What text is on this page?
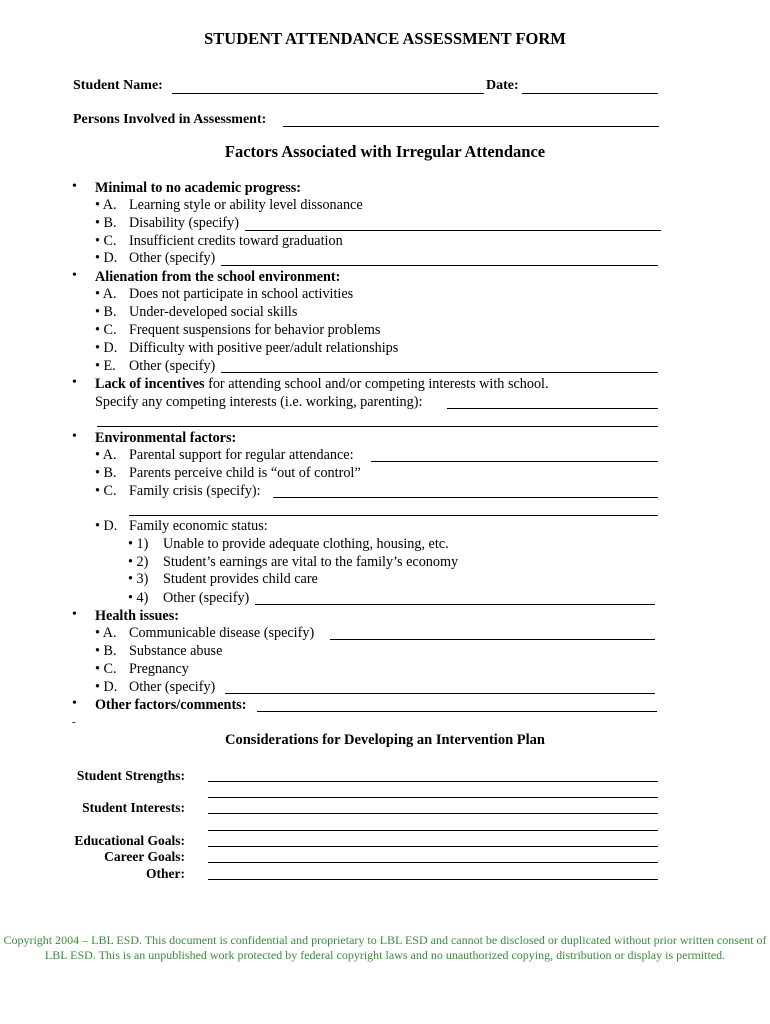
STUDENT ATTENDANCE ASSESSMENT FORM
Student Name:	Date:
Persons Involved in Assessment:
Factors Associated with Irregular Attendance
• Minimal to no academic progress:
• A. Learning style or ability level dissonance
• B. Disability (specify)
• C. Insufficient credits toward graduation
• D. Other (specify)
• Alienation from the school environment:
• A. Does not participate in school activities
• B. Under-developed social skills
• C. Frequent suspensions for behavior problems
• D. Difficulty with positive peer/adult relationships
• E. Other (specify)
• Lack of incentives for attending school and/or competing interests with school.
Specify any competing interests (i.e. working, parenting):
• Environmental factors:
• A. Parental support for regular attendance:
• B. Parents perceive child is “out of control”
• C. Family crisis (specify):
• D. Family economic status:
• 1) Unable to provide adequate clothing, housing, etc.
• 2) Student’s earnings are vital to the family’s economy
• 3) Student provides child care
• 4) Other (specify)
• Health issues:
• A. Communicable disease (specify)
• B. Substance abuse
• C. Pregnancy
• D. Other (specify)
• Other factors/comments:
-
Considerations for Developing an Intervention Plan
Student Strengths:
Student Interests:
Educational Goals:
Career Goals:
Other:
Copyright 2004 – LBL ESD. This document is confidential and proprietary to LBL ESD and cannot be disclosed or duplicated without prior written consent of LBL ESD. This is an unpublished work protected by federal copyright laws and no unauthorized copying, distribution or display is permitted.
